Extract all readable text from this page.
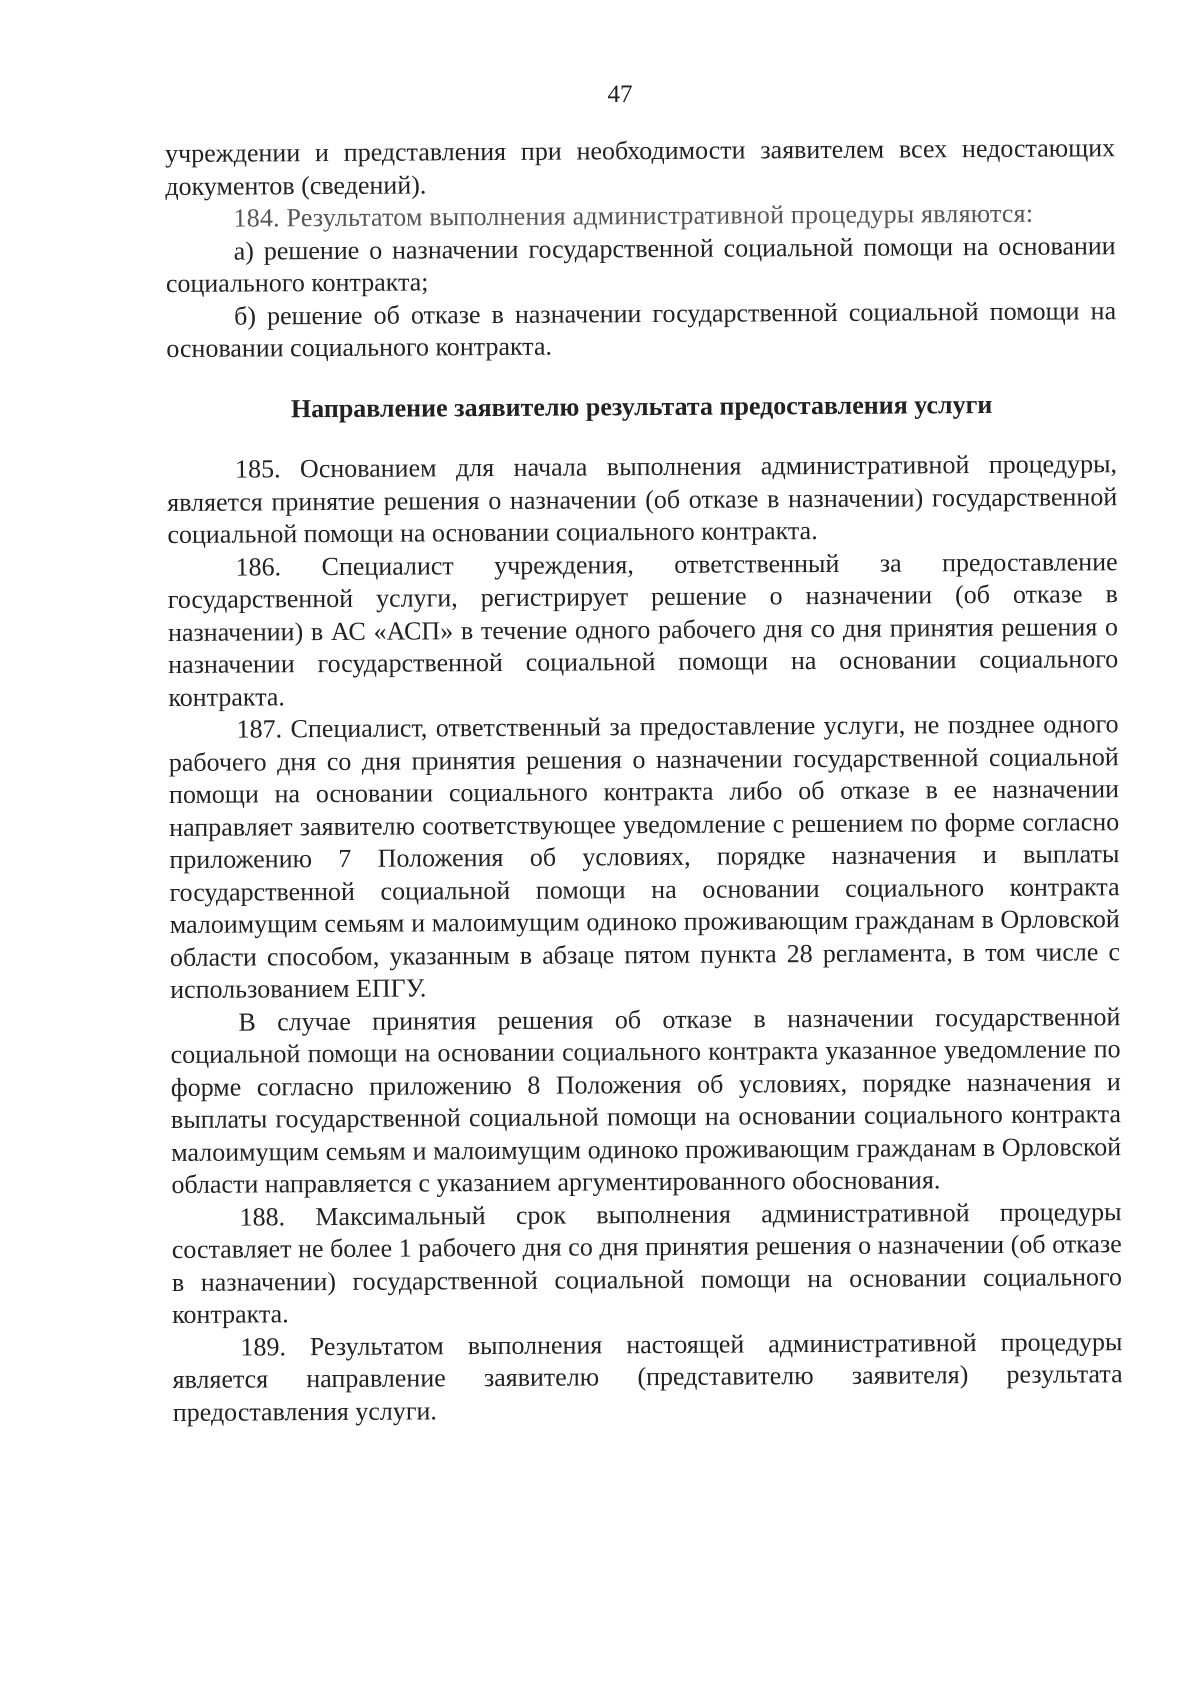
47

учреждении и представления при необходимости заявителем всех недостающих документов (сведений).

184. Результатом выполнения административной процедуры являются:

а) решение о назначении государственной социальной помощи на основании социального контракта;

б) решение об отказе в назначении государственной социальной помощи на основании социального контракта.

Направление заявителю результата предоставления услуги

185. Основанием для начала выполнения административной процедуры, является принятие решения о назначении (об отказе в назначении) государственной социальной помощи на основании социального контракта.

186. Специалист учреждения, ответственный за предоставление государственной услуги, регистрирует решение о назначении (об отказе в назначении) в АС «АСП» в течение одного рабочего дня со дня принятия решения о назначении государственной социальной помощи на основании социального контракта.

187. Специалист, ответственный за предоставление услуги, не позднее одного рабочего дня со дня принятия решения о назначении государственной социальной помощи на основании социального контракта либо об отказе в ее назначении направляет заявителю соответствующее уведомление с решением по форме согласно приложению 7 Положения об условиях, порядке назначения и выплаты государственной социальной помощи на основании социального контракта малоимущим семьям и малоимущим одиноко проживающим гражданам в Орловской области способом, указанным в абзаце пятом пункта 28 регламента, в том числе с использованием ЕПГУ.

В случае принятия решения об отказе в назначении государственной социальной помощи на основании социального контракта указанное уведомление по форме согласно приложению 8 Положения об условиях, порядке назначения и выплаты государственной социальной помощи на основании социального контракта малоимущим семьям и малоимущим одиноко проживающим гражданам в Орловской области направляется с указанием аргументированного обоснования.

188. Максимальный срок выполнения административной процедуры составляет не более 1 рабочего дня со дня принятия решения о назначении (об отказе в назначении) государственной социальной помощи на основании социального контракта.

189. Результатом выполнения настоящей административной процедуры является направление заявителю (представителю заявителя) результата предоставления услуги.
